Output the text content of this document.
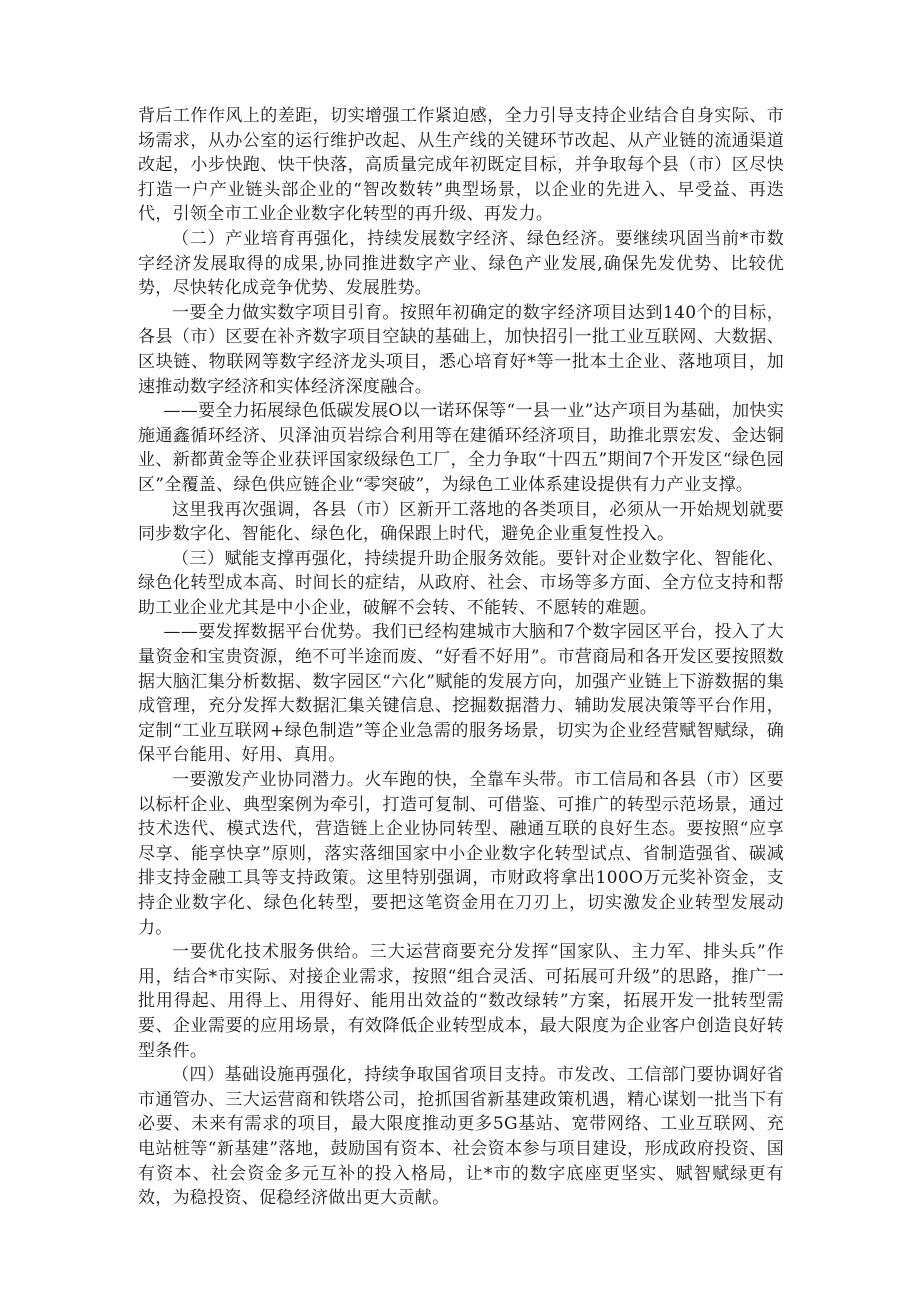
背后工作作风上的差距，切实增强工作紧迫感，全力引导支持企业结合自身实际、市场需求，从办公室的运行维护改起、从生产线的关键环节改起、从产业链的流通渠道改起，小步快跑、快干快落，高质量完成年初既定目标，并争取每个县（市）区尽快打造一户产业链头部企业的“智改数转”典型场景，以企业的先进入、早受益、再迭代，引领全市工业企业数字化转型的再升级、再发力。

（二）产业培育再强化，持续发展数字经济、绿色经济。要继续巩固当前*市数字经济发展取得的成果,协同推进数字产业、绿色产业发展,确保先发优势、比较优势，尽快转化成竞争优势、发展胜势。

一要全力做实数字项目引育。按照年初确定的数字经济项目达到140个的目标，各县（市）区要在补齐数字项目空缺的基础上，加快招引一批工业互联网、大数据、区块链、物联网等数字经济龙头项目，悉心培育好*等一批本土企业、落地项目，加速推动数字经济和实体经济深度融合。

——要全力拓展绿色低碳发展O以一诺环保等“一县一业”达产项目为基础，加快实施通鑫循环经济、贝泽油页岩综合利用等在建循环经济项目，助推北票宏发、金达铜业、新都黄金等企业获评国家级绿色工厂，全力争取“十四五”期间7个开发区“绿色园区”全覆盖、绿色供应链企业“零突破”，为绿色工业体系建设提供有力产业支撑。

这里我再次强调，各县（市）区新开工落地的各类项目，必须从一开始规划就要同步数字化、智能化、绿色化，确保跟上时代，避免企业重复性投入。

（三）赋能支撑再强化，持续提升助企服务效能。要针对企业数字化、智能化、绿色化转型成本高、时间长的症结，从政府、社会、市场等多方面、全方位支持和帮助工业企业尤其是中小企业，破解不会转、不能转、不愿转的难题。

——要发挥数据平台优势。我们已经构建城市大脑和7个数字园区平台，投入了大量资金和宝贵资源，绝不可半途而废、“好看不好用”。市营商局和各开发区要按照数据大脑汇集分析数据、数字园区“六化”赋能的发展方向，加强产业链上下游数据的集成管理，充分发挥大数据汇集关键信息、挖掘数据潜力、辅助发展决策等平台作用，定制“工业互联网+绿色制造”等企业急需的服务场景，切实为企业经营赋智赋绿，确保平台能用、好用、真用。

一要激发产业协同潜力。火车跑的快，全靠车头带。市工信局和各县（市）区要以标杆企业、典型案例为牵引，打造可复制、可借鉴、可推广的转型示范场景，通过技术迭代、模式迭代，营造链上企业协同转型、融通互联的良好生态。要按照“应享尽享、能享快享”原则，落实落细国家中小企业数字化转型试点、省制造强省、碳减排支持金融工具等支持政策。这里特别强调，市财政将拿出100O万元奖补资金，支持企业数字化、绿色化转型，要把这笔资金用在刀刃上，切实激发企业转型发展动力。

一要优化技术服务供给。三大运营商要充分发挥“国家队、主力军、排头兵”作用，结合*市实际、对接企业需求，按照“组合灵活、可拓展可升级”的思路，推广一批用得起、用得上、用得好、能用出效益的“数改绿转”方案，拓展开发一批转型需要、企业需要的应用场景，有效降低企业转型成本，最大限度为企业客户创造良好转型条件。

（四）基础设施再强化，持续争取国省项目支持。市发改、工信部门要协调好省市通管办、三大运营商和铁塔公司，抢抓国省新基建政策机遇，精心谋划一批当下有必要、未来有需求的项目，最大限度推动更多5G基站、宽带网络、工业互联网、充电站桩等“新基建”落地，鼓励国有资本、社会资本参与项目建设，形成政府投资、国有资本、社会资金多元互补的投入格局，让*市的数字底座更坚实、赋智赋绿更有效，为稳投资、促稳经济做出更大贡献。
